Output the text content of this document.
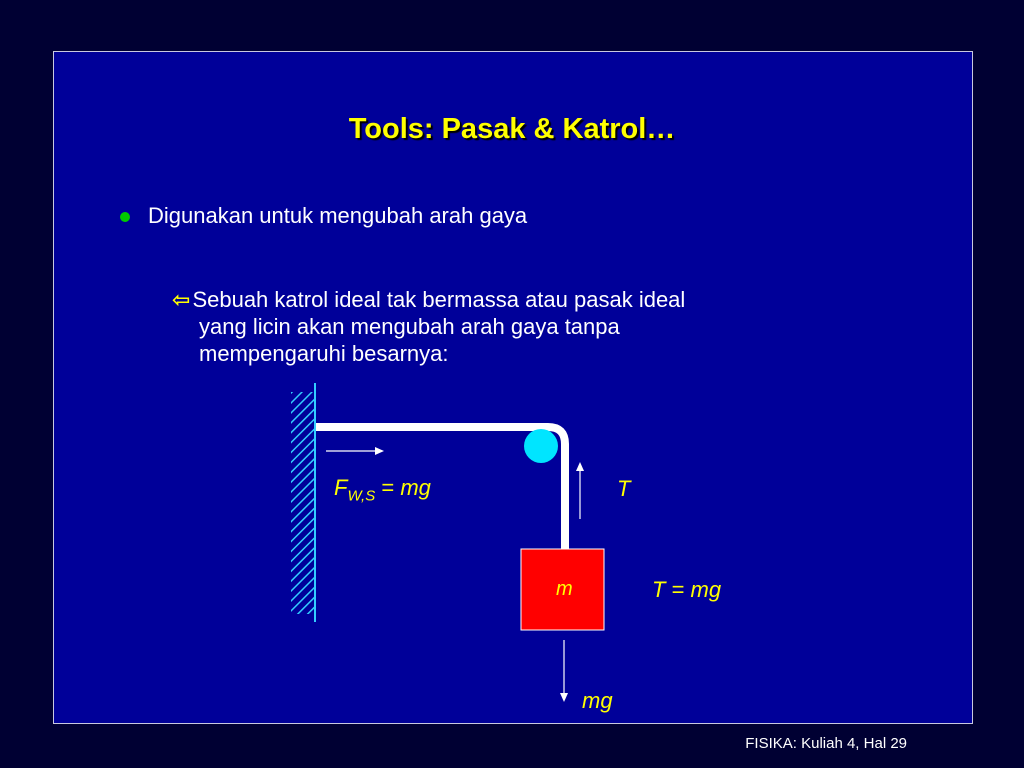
Tools: Pasak & Katrol…
Digunakan untuk mengubah arah gaya
⇦Sebuah katrol ideal tak bermassa atau pasak ideal
yang licin akan mengubah arah gaya tanpa
mempengaruhi besarnya:
$F_{W,S}$ = mg	T
m	T = mg
mg
FISIKA: Kuliah 4, Hal 29
